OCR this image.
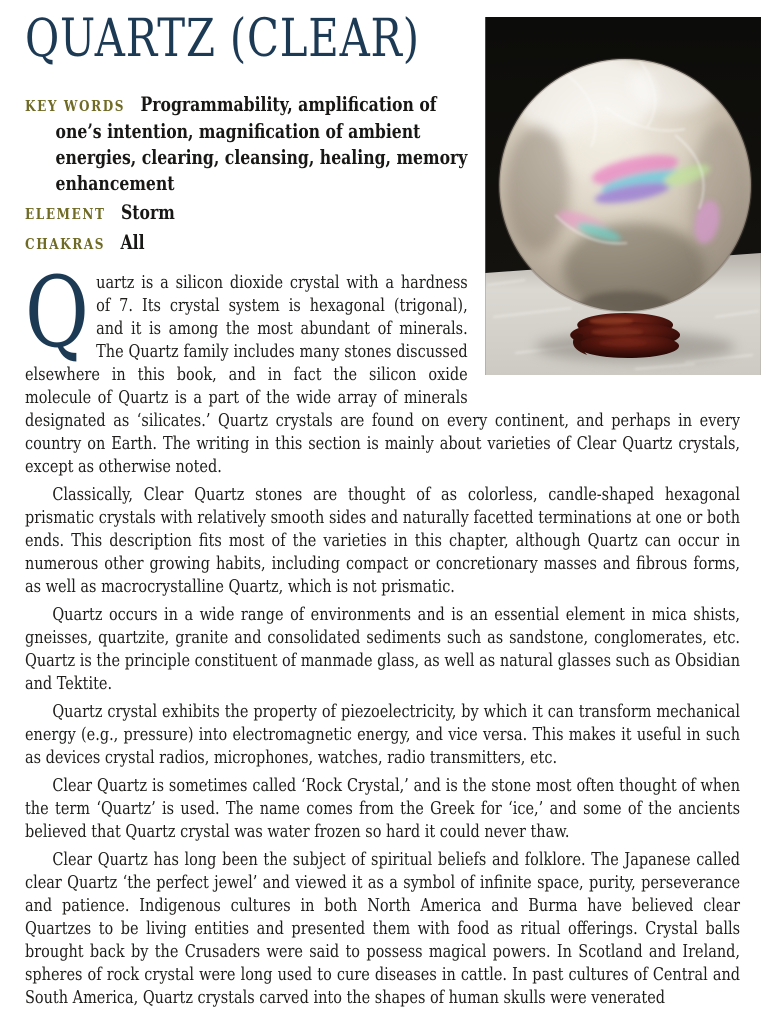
QUARTZ (CLEAR)

KEY WORDS Programmability, amplification of one’s intention, magnification of ambient energies, clearing, cleansing, healing, memory enhancement

ELEMENT Storm

CHAKRAS All

Quartz is a silicon dioxide crystal with a hardness of 7. Its crystal system is hexagonal (trigonal), and it is among the most abundant of minerals. The Quartz family includes many stones discussed elsewhere in this book, and in fact the silicon oxide molecule of Quartz is a part of the wide array of minerals designated as ‘silicates.’ Quartz crystals are found on every continent, and perhaps in every country on Earth. The writing in this section is mainly about varieties of Clear Quartz crystals, except as otherwise noted.

Classically, Clear Quartz stones are thought of as colorless, candle-shaped hexagonal prismatic crystals with relatively smooth sides and naturally facetted terminations at one or both ends. This description fits most of the varieties in this chapter, although Quartz can occur in numerous other growing habits, including compact or concretionary masses and fibrous forms, as well as macrocrystalline Quartz, which is not prismatic.

Quartz occurs in a wide range of environments and is an essential element in mica shists, gneisses, quartzite, granite and consolidated sediments such as sandstone, conglomerates, etc. Quartz is the principle constituent of manmade glass, as well as natural glasses such as Obsidian and Tektite.

Quartz crystal exhibits the property of piezoelectricity, by which it can transform mechanical energy (e.g., pressure) into electromagnetic energy, and vice versa. This makes it useful in such as devices crystal radios, microphones, watches, radio transmitters, etc.

Clear Quartz is sometimes called ‘Rock Crystal,’ and is the stone most often thought of when the term ‘Quartz’ is used. The name comes from the Greek for ‘ice,’ and some of the ancients believed that Quartz crystal was water frozen so hard it could never thaw.

Clear Quartz has long been the subject of spiritual beliefs and folklore. The Japanese called clear Quartz ‘the perfect jewel’ and viewed it as a symbol of infinite space, purity, perseverance and patience. Indigenous cultures in both North America and Burma have believed clear Quartzes to be living entities and presented them with food as ritual offerings. Crystal balls brought back by the Crusaders were said to possess magical powers. In Scotland and Ireland, spheres of rock crystal were long used to cure diseases in cattle. In past cultures of Central and South America, Quartz crystals carved into the shapes of human skulls were venerated
